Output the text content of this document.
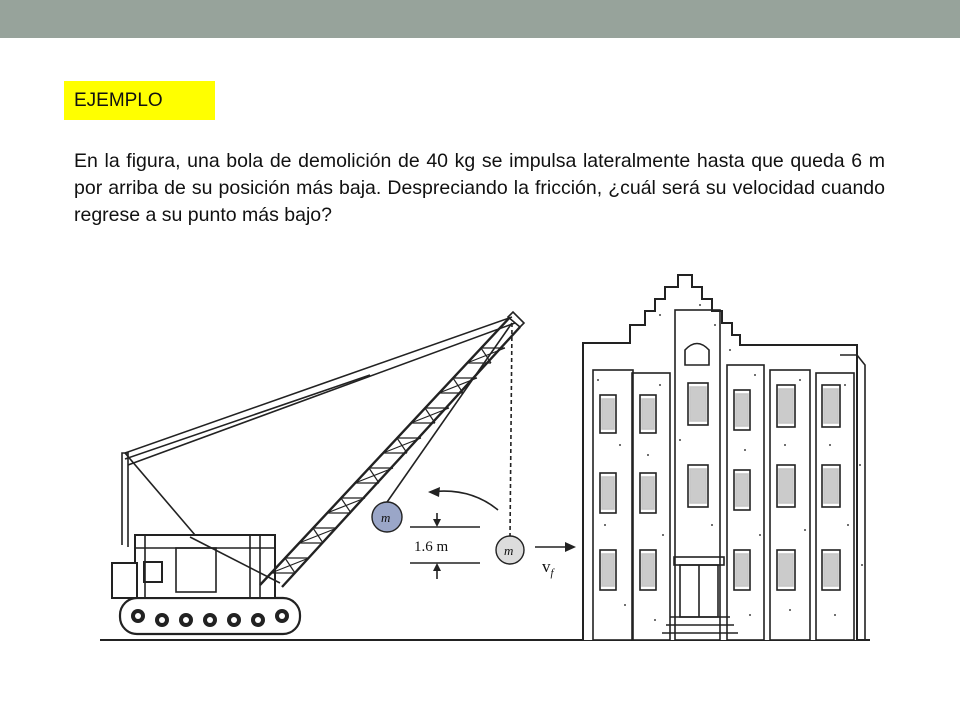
EJEMPLO
En la figura, una bola de demolición de 40 kg se impulsa lateralmente hasta que queda 6 m por arriba de su posición más baja. Despreciando la fricción, ¿cuál será su velocidad cuando regrese a su punto más bajo?
m
m
1.6 m
$v_f$
